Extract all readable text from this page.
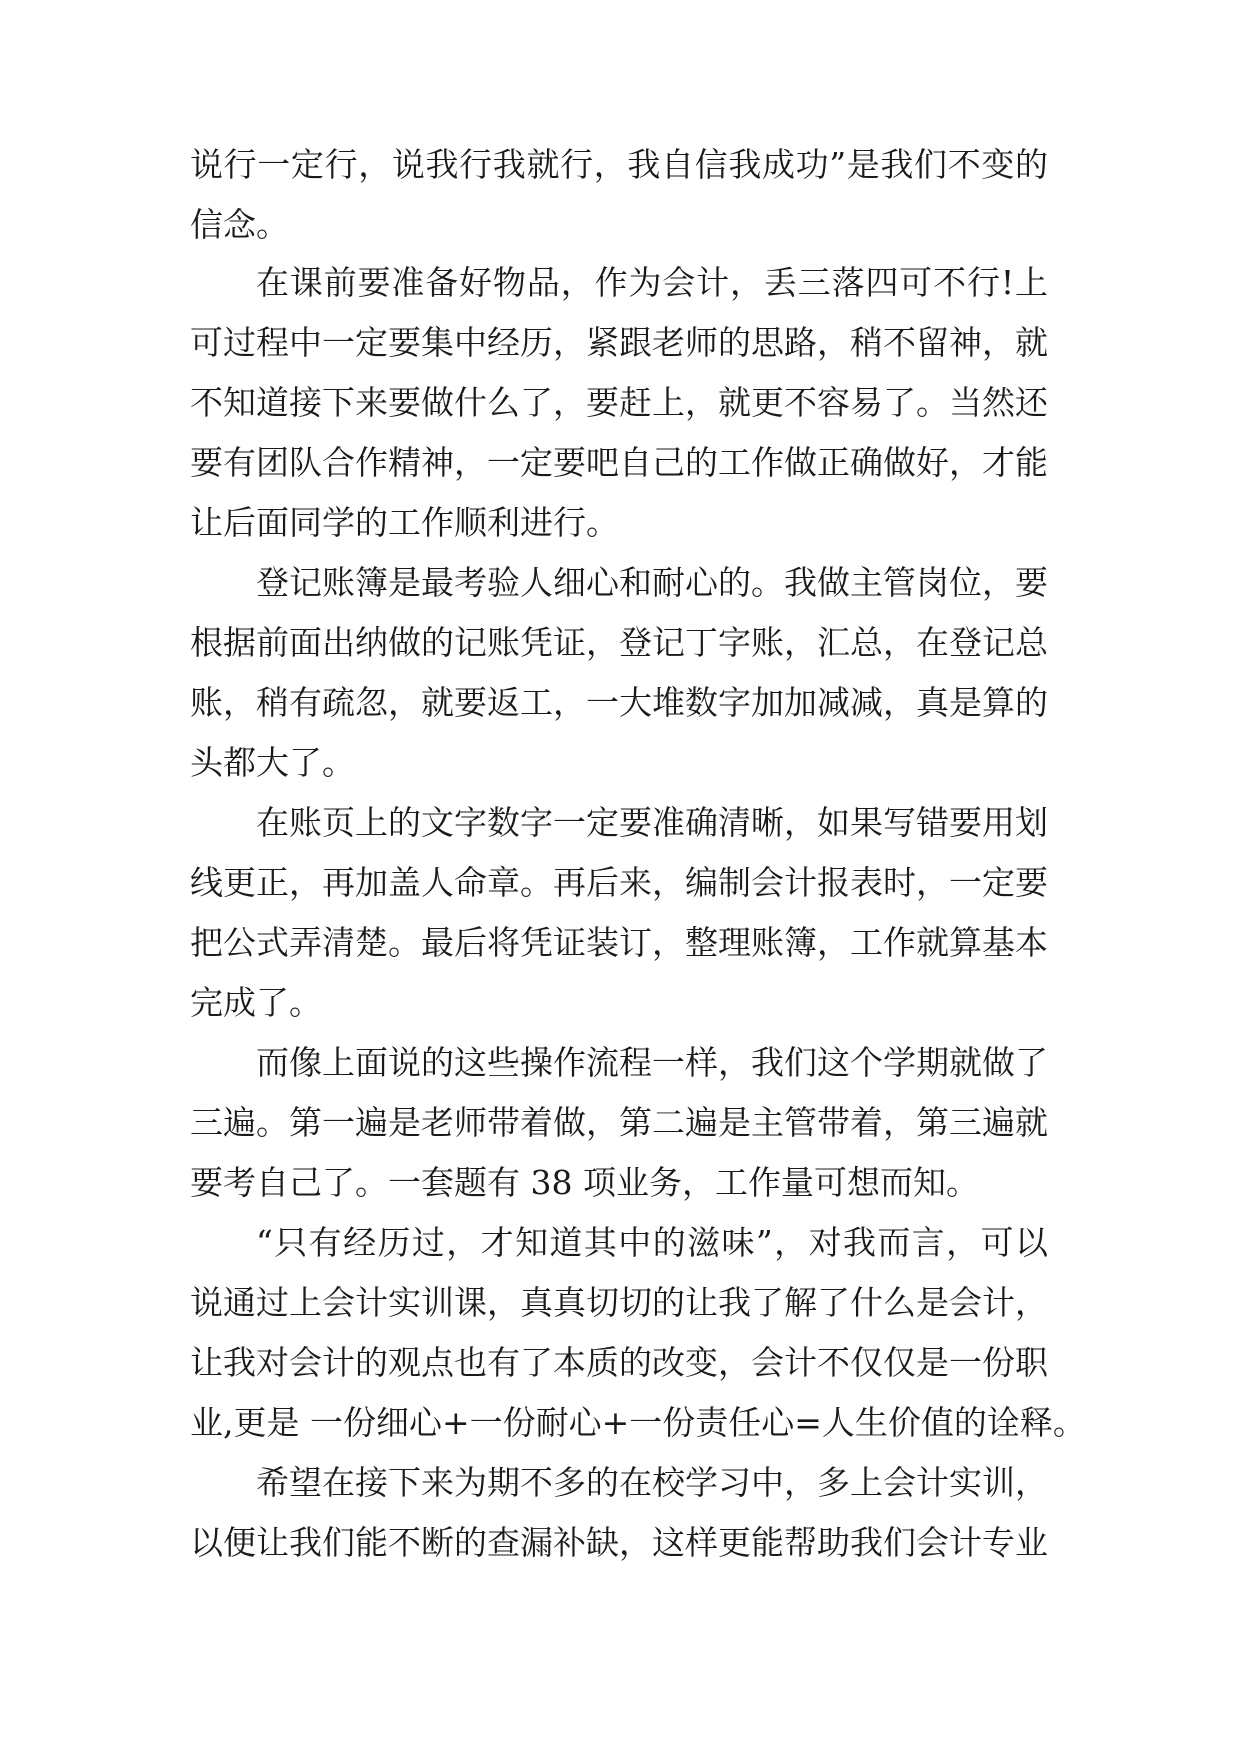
说行一定行，说我行我就行，我自信我成功”是我们不变的
信念。
在课前要准备好物品，作为会计，丢三落四可不行!上
可过程中一定要集中经历，紧跟老师的思路，稍不留神，就
不知道接下来要做什么了，要赶上，就更不容易了。当然还
要有团队合作精神，一定要吧自己的工作做正确做好，才能
让后面同学的工作顺利进行。
登记账簿是最考验人细心和耐心的。我做主管岗位，要
根据前面出纳做的记账凭证，登记丁字账，汇总，在登记总
账，稍有疏忽，就要返工，一大堆数字加加减减，真是算的
头都大了。
在账页上的文字数字一定要准确清晰，如果写错要用划
线更正，再加盖人命章。再后来，编制会计报表时，一定要
把公式弄清楚。最后将凭证装订，整理账簿，工作就算基本
完成了。
而像上面说的这些操作流程一样，我们这个学期就做了
三遍。第一遍是老师带着做，第二遍是主管带着，第三遍就
要考自己了。一套题有 38 项业务，工作量可想而知。
“只有经历过，才知道其中的滋味”，对我而言，可以
说通过上会计实训课，真真切切的让我了解了什么是会计，
让我对会计的观点也有了本质的改变，会计不仅仅是一份职
业,更是 一份细心+一份耐心+一份责任心=人生价值的诠释。
希望在接下来为期不多的在校学习中，多上会计实训，
以便让我们能不断的查漏补缺，这样更能帮助我们会计专业
